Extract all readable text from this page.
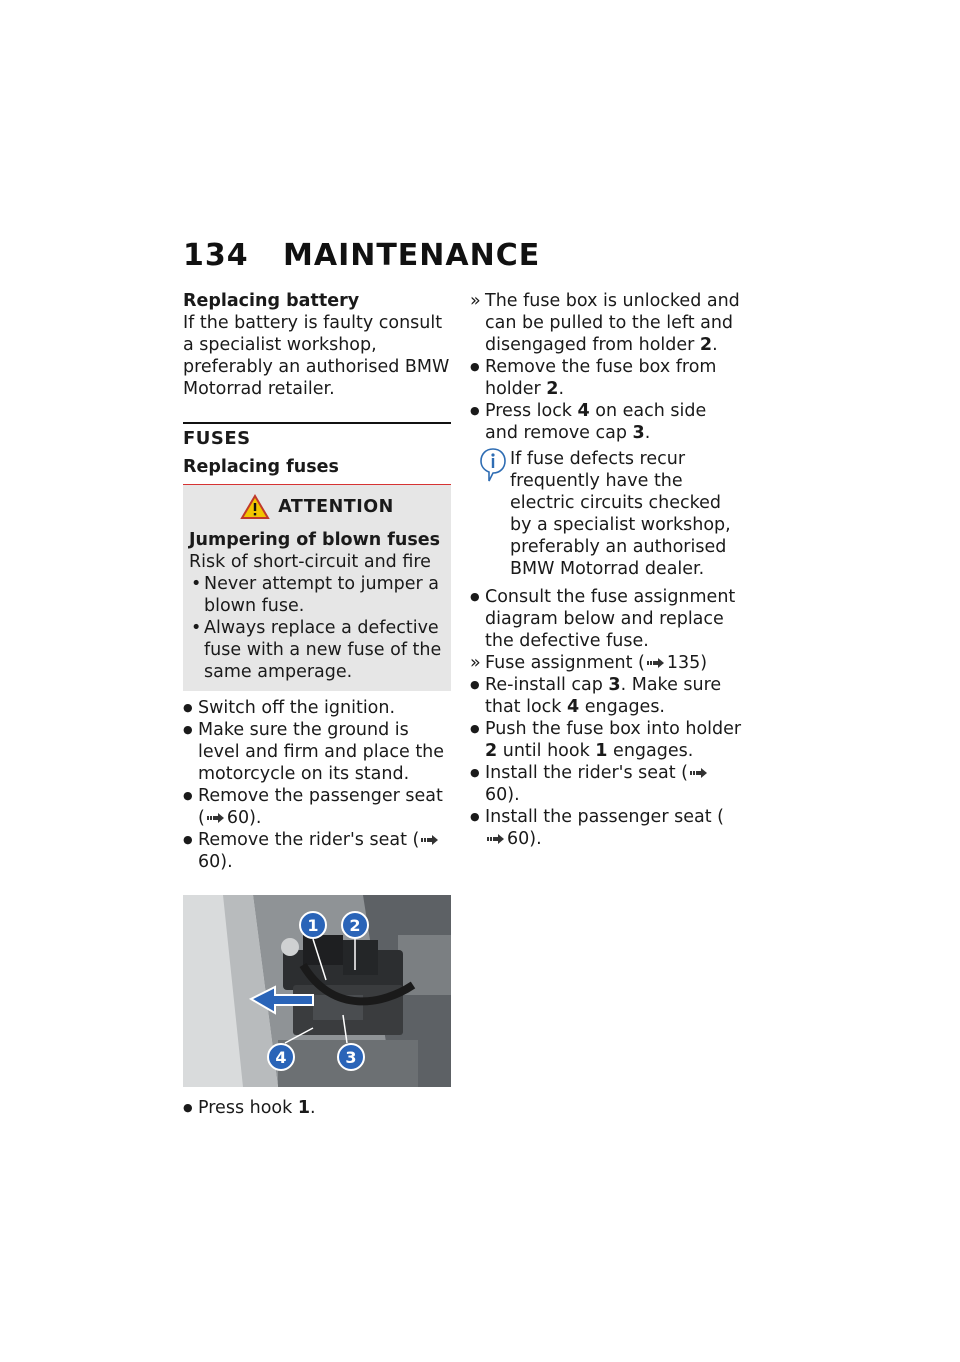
134 MAINTENANCE
Replacing battery

If the battery is faulty consult a specialist workshop, preferably an authorised BMW Motorrad retailer.

FUSES
Replacing fuses
ATTENTION

Jumpering of blown fuses

Risk of short-circuit and fire

• Never attempt to jumper a blown fuse.
• Always replace a defective fuse with a new fuse of the same amperage.
● Switch off the ignition.
● Make sure the ground is level and firm and place the motorcycle on its stand.
● Remove the passenger seat ( 60).
● Remove the rider's seat (60).
1 2
3
4
● Press hook 1.
» The fuse box is unlocked and can be pulled to the left and disengaged from holder 2.
● Remove the fuse box from holder 2.
● Press lock 4 on each side and remove cap 3.

If fuse defects recur frequently have the electric circuits checked by a specialist workshop, preferably an authorised BMW Motorrad dealer.

● Consult the fuse assignment diagram below and replace the defective fuse.
» Fuse assignment ( 135)
● Re-install cap 3. Make sure that lock 4 engages.
● Push the fuse box into holder 2 until hook 1 engages.
● Install the rider's seat (60).
● Install the passenger seat (60).
